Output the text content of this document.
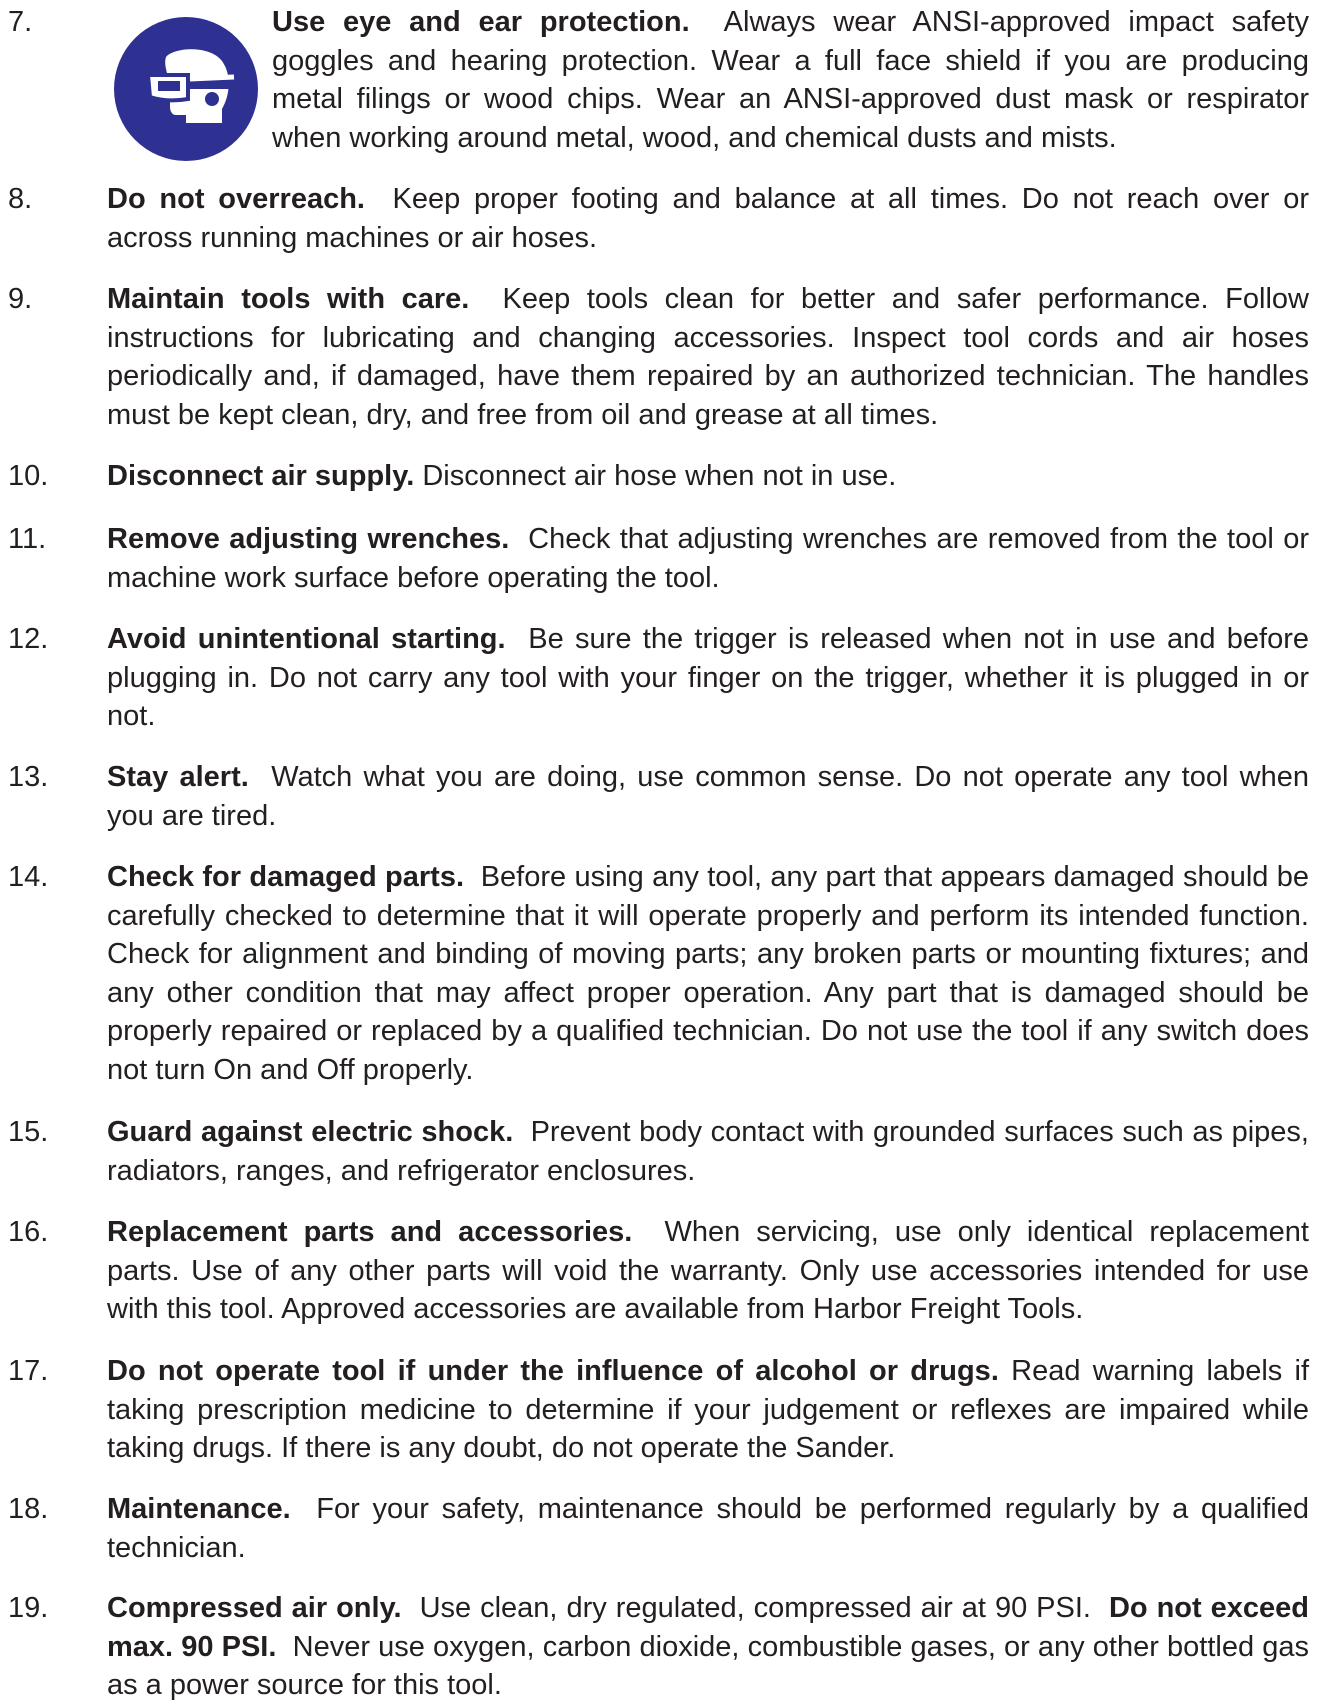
7.	Use eye and ear protection. Always wear ANSI-approved impact safety goggles and hearing protection. Wear a full face shield if you are producing metal filings or wood chips. Wear an ANSI-approved dust mask or respirator when working around metal, wood, and chemical dusts and mists.
8.	Do not overreach. Keep proper footing and balance at all times. Do not reach over or across running machines or air hoses.
9.	Maintain tools with care. Keep tools clean for better and safer performance. Follow instructions for lubricating and changing accessories. Inspect tool cords and air hoses periodically and, if damaged, have them repaired by an authorized technician. The handles must be kept clean, dry, and free from oil and grease at all times.
10.	Disconnect air supply. Disconnect air hose when not in use.
11.	Remove adjusting wrenches. Check that adjusting wrenches are removed from the tool or machine work surface before operating the tool.
12.	Avoid unintentional starting. Be sure the trigger is released when not in use and before plugging in. Do not carry any tool with your finger on the trigger, whether it is plugged in or not.
13.	Stay alert. Watch what you are doing, use common sense. Do not operate any tool when you are tired.
14.	Check for damaged parts. Before using any tool, any part that appears damaged should be carefully checked to determine that it will operate properly and perform its intended function. Check for alignment and binding of moving parts; any broken parts or mounting fixtures; and any other condition that may affect proper operation. Any part that is damaged should be properly repaired or replaced by a qualified technician. Do not use the tool if any switch does not turn On and Off properly.
15.	Guard against electric shock. Prevent body contact with grounded surfaces such as pipes, radiators, ranges, and refrigerator enclosures.
16.	Replacement parts and accessories. When servicing, use only identical replacement parts. Use of any other parts will void the warranty. Only use accessories intended for use with this tool. Approved accessories are available from Harbor Freight Tools.
17.	Do not operate tool if under the influence of alcohol or drugs. Read warning labels if taking prescription medicine to determine if your judgement or reflexes are impaired while taking drugs. If there is any doubt, do not operate the Sander.
18.	Maintenance. For your safety, maintenance should be performed regularly by a qualified technician.
19.	Compressed air only. Use clean, dry regulated, compressed air at 90 PSI. Do not exceed max. 90 PSI. Never use oxygen, carbon dioxide, combustible gases, or any other bottled gas as a power source for this tool.
